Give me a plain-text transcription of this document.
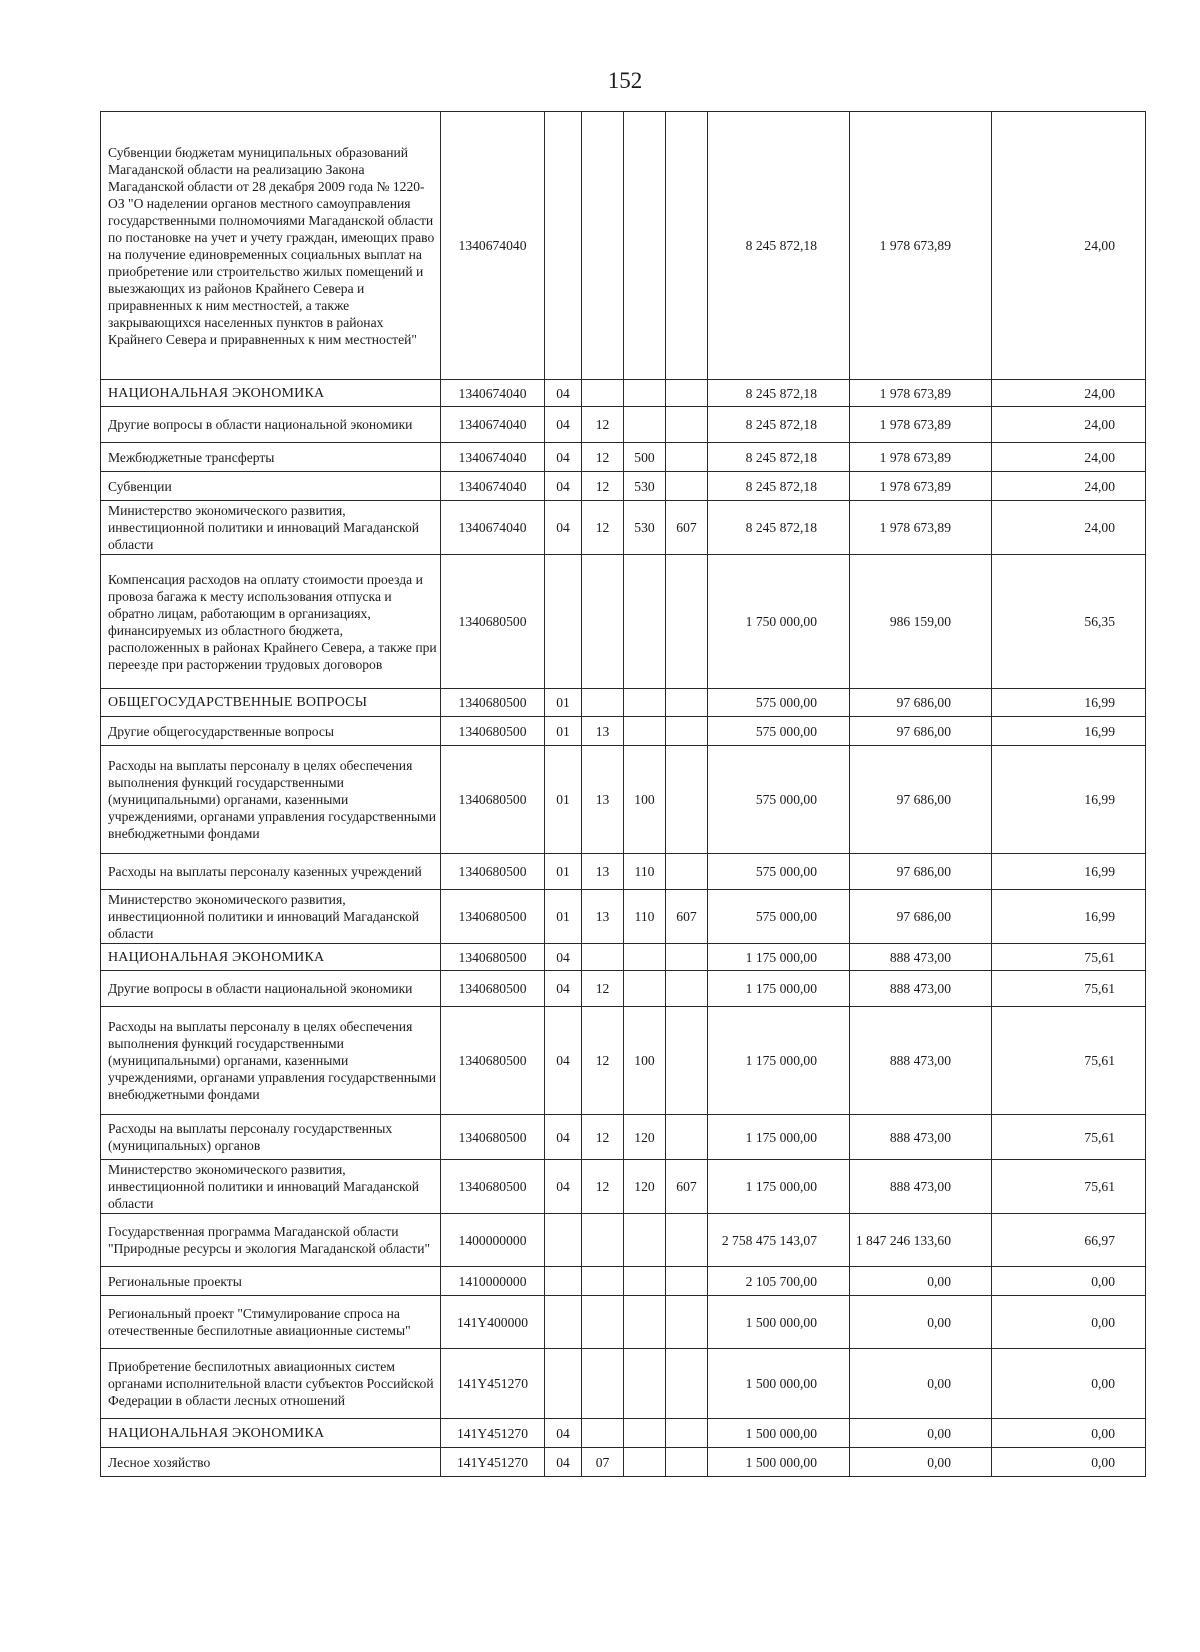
152
Субвенции бюджетам муниципальных образований Магаданской области на реализацию Закона Магаданской области от 28 декабря 2009 года № 1220-ОЗ "О наделении органов местного самоуправления государственными полномочиями Магаданской области по постановке на учет и учету граждан, имеющих право на получение единовременных социальных выплат на приобретение или строительство жилых помещений и выезжающих из районов Крайнего Севера и приравненных к ним местностей, а также закрывающихся населенных пунктов в районах Крайнего Севера и приравненных к ним местностей"	1340674040					8 245 872,18	1 978 673,89	24,00
НАЦИОНАЛЬНАЯ ЭКОНОМИКА	1340674040	04				8 245 872,18	1 978 673,89	24,00
Другие вопросы в области национальной экономики	1340674040	04	12			8 245 872,18	1 978 673,89	24,00
Межбюджетные трансферты	1340674040	04	12	500		8 245 872,18	1 978 673,89	24,00
Субвенции	1340674040	04	12	530		8 245 872,18	1 978 673,89	24,00
Министерство экономического развития, инвестиционной политики и инноваций Магаданской области	1340674040	04	12	530	607	8 245 872,18	1 978 673,89	24,00
Компенсация расходов на оплату стоимости проезда и провоза багажа к месту использования отпуска и обратно лицам, работающим в организациях, финансируемых из областного бюджета, расположенных в районах Крайнего Севера, а также при переезде при расторжении трудовых договоров	1340680500					1 750 000,00	986 159,00	56,35
ОБЩЕГОСУДАРСТВЕННЫЕ ВОПРОСЫ	1340680500	01				575 000,00	97 686,00	16,99
Другие общегосударственные вопросы	1340680500	01	13			575 000,00	97 686,00	16,99
Расходы на выплаты персоналу в целях обеспечения выполнения функций государственными (муниципальными) органами, казенными учреждениями, органами управления государственными внебюджетными фондами	1340680500	01	13	100		575 000,00	97 686,00	16,99
Расходы на выплаты персоналу казенных учреждений	1340680500	01	13	110		575 000,00	97 686,00	16,99
Министерство экономического развития, инвестиционной политики и инноваций Магаданской области	1340680500	01	13	110	607	575 000,00	97 686,00	16,99
НАЦИОНАЛЬНАЯ ЭКОНОМИКА	1340680500	04				1 175 000,00	888 473,00	75,61
Другие вопросы в области национальной экономики	1340680500	04	12			1 175 000,00	888 473,00	75,61
Расходы на выплаты персоналу в целях обеспечения выполнения функций государственными (муниципальными) органами, казенными учреждениями, органами управления государственными внебюджетными фондами	1340680500	04	12	100		1 175 000,00	888 473,00	75,61
Расходы на выплаты персоналу государственных (муниципальных) органов	1340680500	04	12	120		1 175 000,00	888 473,00	75,61
Министерство экономического развития, инвестиционной политики и инноваций Магаданской области	1340680500	04	12	120	607	1 175 000,00	888 473,00	75,61
Государственная программа Магаданской области "Природные ресурсы и экология Магаданской области"	1400000000					2 758 475 143,07	1 847 246 133,60	66,97
Региональные проекты	1410000000					2 105 700,00	0,00	0,00
Региональный проект "Стимулирование спроса на отечественные беспилотные авиационные системы"	141Y400000					1 500 000,00	0,00	0,00
Приобретение беспилотных авиационных систем органами исполнительной власти субъектов Российской Федерации в области лесных отношений	141Y451270					1 500 000,00	0,00	0,00
НАЦИОНАЛЬНАЯ ЭКОНОМИКА	141Y451270	04				1 500 000,00	0,00	0,00
Лесное хозяйство	141Y451270	04	07			1 500 000,00	0,00	0,00
